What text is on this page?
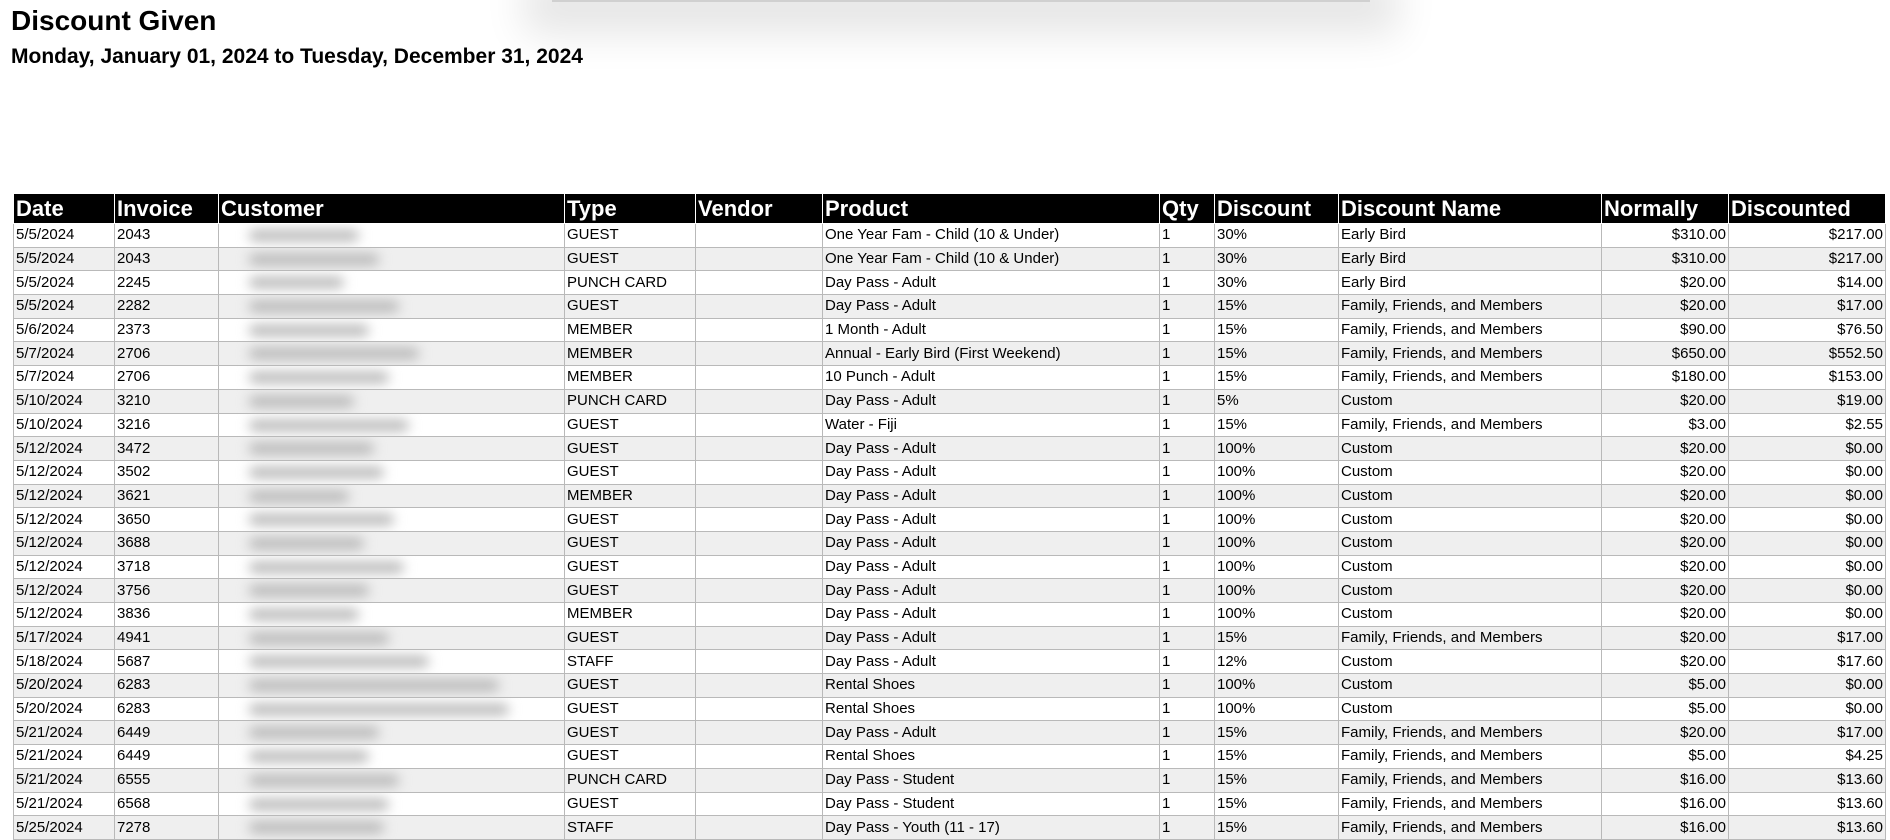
Discount Given
Monday, January 01, 2024 to Tuesday, December 31, 2024
Date	Invoice	Customer	Type	Vendor	Product	Qty	Discount	Discount Name	Normally	Discounted
5/5/2024	2043		GUEST		One Year Fam - Child (10 & Under)	1	30%	Early Bird	$310.00	$217.00
5/5/2024	2043		GUEST		One Year Fam - Child (10 & Under)	1	30%	Early Bird	$310.00	$217.00
5/5/2024	2245		PUNCH CARD		Day Pass - Adult	1	30%	Early Bird	$20.00	$14.00
5/5/2024	2282		GUEST		Day Pass - Adult	1	15%	Family, Friends, and Members	$20.00	$17.00
5/6/2024	2373		MEMBER		1 Month - Adult	1	15%	Family, Friends, and Members	$90.00	$76.50
5/7/2024	2706		MEMBER		Annual - Early Bird (First Weekend)	1	15%	Family, Friends, and Members	$650.00	$552.50
5/7/2024	2706		MEMBER		10 Punch - Adult	1	15%	Family, Friends, and Members	$180.00	$153.00
5/10/2024	3210		PUNCH CARD		Day Pass - Adult	1	5%	Custom	$20.00	$19.00
5/10/2024	3216		GUEST		Water - Fiji	1	15%	Family, Friends, and Members	$3.00	$2.55
5/12/2024	3472		GUEST		Day Pass - Adult	1	100%	Custom	$20.00	$0.00
5/12/2024	3502		GUEST		Day Pass - Adult	1	100%	Custom	$20.00	$0.00
5/12/2024	3621		MEMBER		Day Pass - Adult	1	100%	Custom	$20.00	$0.00
5/12/2024	3650		GUEST		Day Pass - Adult	1	100%	Custom	$20.00	$0.00
5/12/2024	3688		GUEST		Day Pass - Adult	1	100%	Custom	$20.00	$0.00
5/12/2024	3718		GUEST		Day Pass - Adult	1	100%	Custom	$20.00	$0.00
5/12/2024	3756		GUEST		Day Pass - Adult	1	100%	Custom	$20.00	$0.00
5/12/2024	3836		MEMBER		Day Pass - Adult	1	100%	Custom	$20.00	$0.00
5/17/2024	4941		GUEST		Day Pass - Adult	1	15%	Family, Friends, and Members	$20.00	$17.00
5/18/2024	5687		STAFF		Day Pass - Adult	1	12%	Custom	$20.00	$17.60
5/20/2024	6283		GUEST		Rental Shoes	1	100%	Custom	$5.00	$0.00
5/20/2024	6283		GUEST		Rental Shoes	1	100%	Custom	$5.00	$0.00
5/21/2024	6449		GUEST		Day Pass - Adult	1	15%	Family, Friends, and Members	$20.00	$17.00
5/21/2024	6449		GUEST		Rental Shoes	1	15%	Family, Friends, and Members	$5.00	$4.25
5/21/2024	6555		PUNCH CARD		Day Pass - Student	1	15%	Family, Friends, and Members	$16.00	$13.60
5/21/2024	6568		GUEST		Day Pass - Student	1	15%	Family, Friends, and Members	$16.00	$13.60
5/25/2024	7278		STAFF		Day Pass - Youth (11 - 17)	1	15%	Family, Friends, and Members	$16.00	$13.60
